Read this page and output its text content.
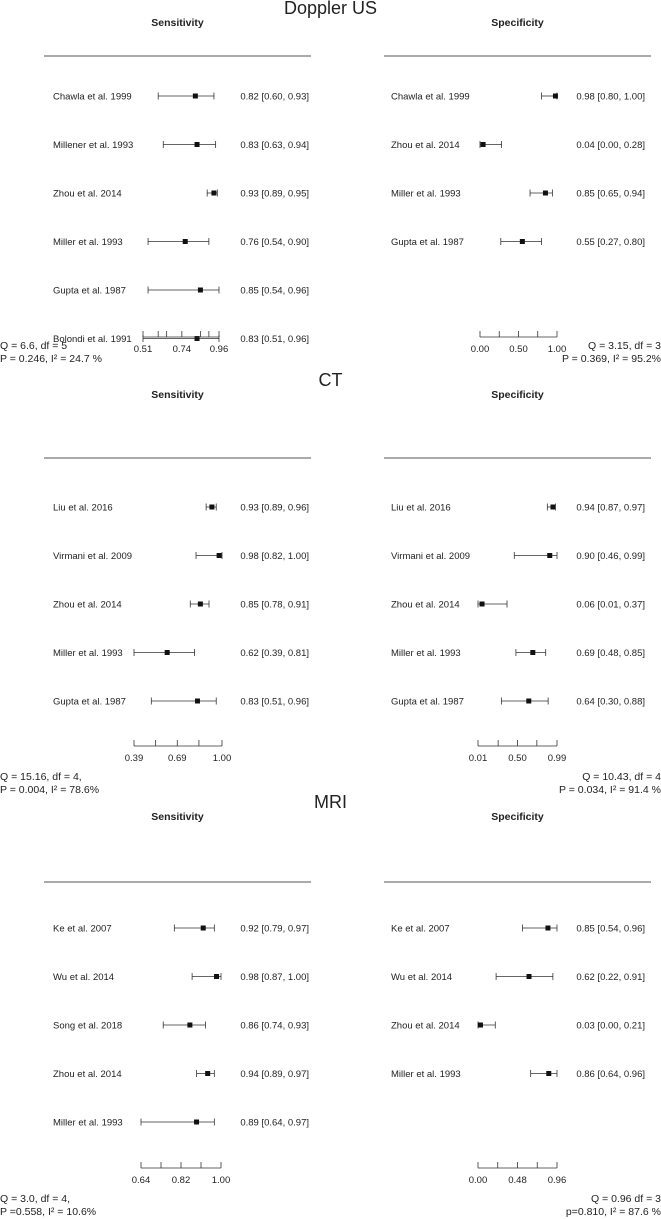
Doppler US
CT
MRI
Q = 6.6, df = 5
P = 0.246, I² = 24.7 %
Q = 3.15, df = 3
P = 0.369, I² = 95.2%
Q = 15.16, df = 4,
P = 0.004, I² = 78.6%
Q = 10.43, df = 4
P = 0.034, I² = 91.4 %
Q = 3.0, df = 4,
P =0.558, I² = 10.6%
Q = 0.96 df = 3
p=0.810, I² = 87.6 %
Sensitivity
Chawla et al. 1999	0.82 [0.60, 0.93]
Millener et al. 1993	0.83 [0.63, 0.94]
Zhou et al. 2014	0.93 [0.89, 0.95]
Miller et al. 1993	0.76 [0.54, 0.90]
Gupta et al. 1987	0.85 [0.54, 0.96]
Bolondi et al. 1991	0.83 [0.51, 0.96]
0.51 0.74 0.96
Specificity
Chawla et al. 1999	0.98 [0.80, 1.00]
Zhou et al. 2014	0.04 [0.00, 0.28]
Miller et al. 1993	0.85 [0.65, 0.94]
Gupta et al. 1987	0.55 [0.27, 0.80]
0.00 0.50 1.00
Sensitivity
Liu et al. 2016	0.93 [0.89, 0.96]
Virmani et al. 2009	0.98 [0.82, 1.00]
Zhou et al. 2014	0.85 [0.78, 0.91]
Miller et al. 1993	0.62 [0.39, 0.81]
Gupta et al. 1987	0.83 [0.51, 0.96]
0.39	0.69	1.00
Specificity
Liu et al. 2016	0.94 [0.87, 0.97]
Virmani et al. 2009	0.90 [0.46, 0.99]
Zhou et al. 2014	0.06 [0.01, 0.37]
Miller et al. 1993	0.69 [0.48, 0.85]
Gupta et al. 1987	0.64 [0.30, 0.88]
0.01 0.50 0.99
Sensitivity
Ke et al. 2007	0.92 [0.79, 0.97]
Wu et al. 2014	0.98 [0.87, 1.00]
Song et al. 2018	0.86 [0.74, 0.93]
Zhou et al. 2014	0.94 [0.89, 0.97]
Miller et al. 1993	0.89 [0.64, 0.97]
0.64 0.82 1.00
Specificity
Ke et al. 2007	0.85 [0.54, 0.96]
Wu et al. 2014	0.62 [0.22, 0.91]
Zhou et al. 2014	0.03 [0.00, 0.21]
Miller et al. 1993	0.86 [0.64, 0.96]
0.00 0.48 0.96
